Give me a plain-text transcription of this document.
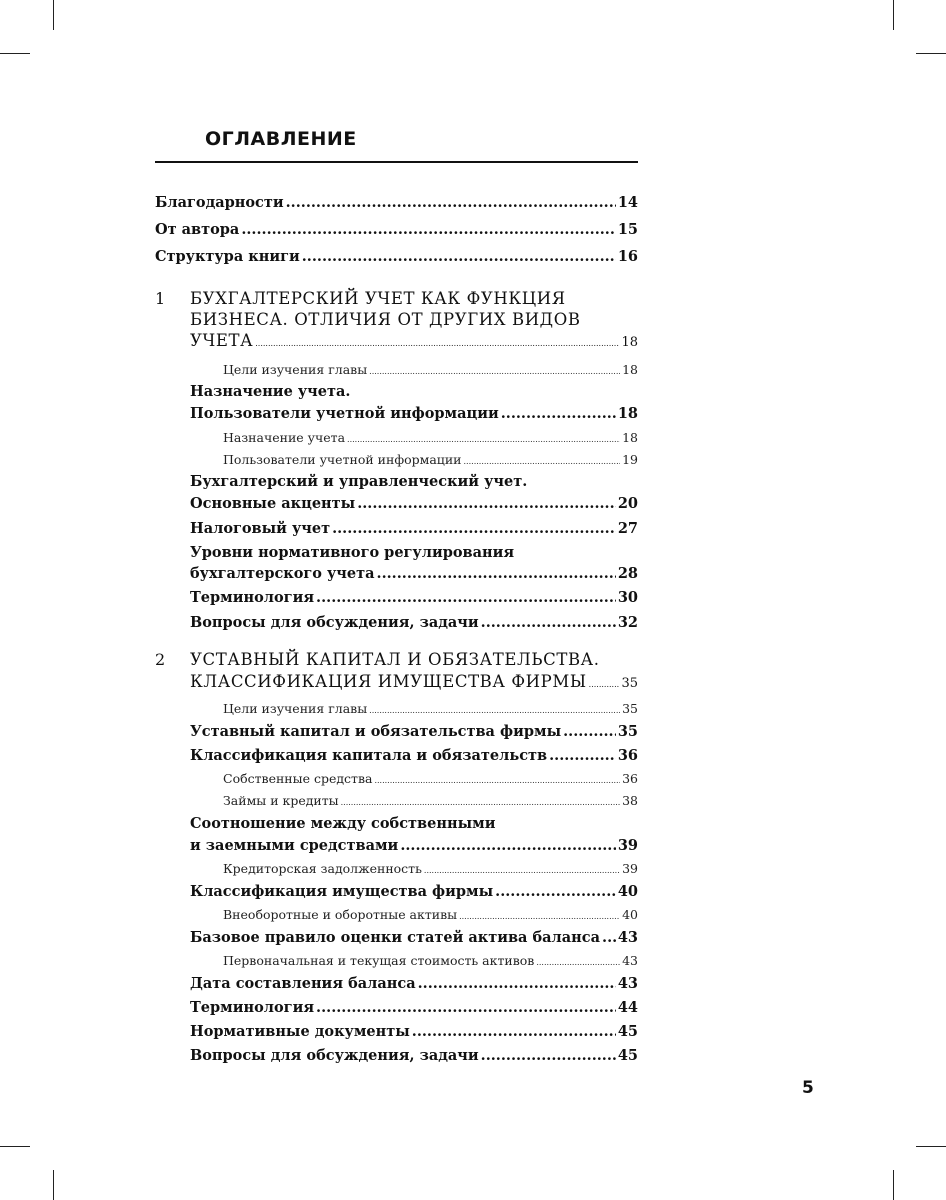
ОГЛАВЛЕНИЕ
Благодарности .....	14
От автора .....	15
Структура книги .....	16
1 БУХГАЛТЕРСКИЙ УЧЕТ КАК ФУНКЦИЯ
БИЗНЕСА. ОТЛИЧИЯ ОТ ДРУГИХ ВИДОВ
УЧЕТА .....	18
Цели изучения главы .....	18
Назначение учета.
Пользователи учетной информации .....	18
Назначение учета .....	18
Пользователи учетной информации .....	19
Бухгалтерский и управленческий учет.
Основные акценты .....	20
Налоговый учет .....	27
Уровни нормативного регулирования
бухгалтерского учета .....	28
Терминология .....	30
Вопросы для обсуждения, задачи .....	32
2 УСТАВНЫЙ КАПИТАЛ И ОБЯЗАТЕЛЬСТВА.
КЛАССИФИКАЦИЯ ИМУЩЕСТВА ФИРМЫ .....	35
Цели изучения главы .....	35
Уставный капитал и обязательства фирмы .....	35
Классификация капитала и обязательств .....	36
Собственные средства .....	36
Займы и кредиты .....	38
Соотношение между собственными
и заемными средствами .....	39
Кредиторская задолженность .....	39
Классификация имущества фирмы .....	40
Внеоборотные и оборотные активы .....	40
Базовое правило оценки статей актива баланса ..... 43
Первоначальная и текущая стоимость активов .....	43
Дата составления баланса .....	43
Терминология .....	44
Нормативные документы .....	45
Вопросы для обсуждения, задачи .....	45
5
